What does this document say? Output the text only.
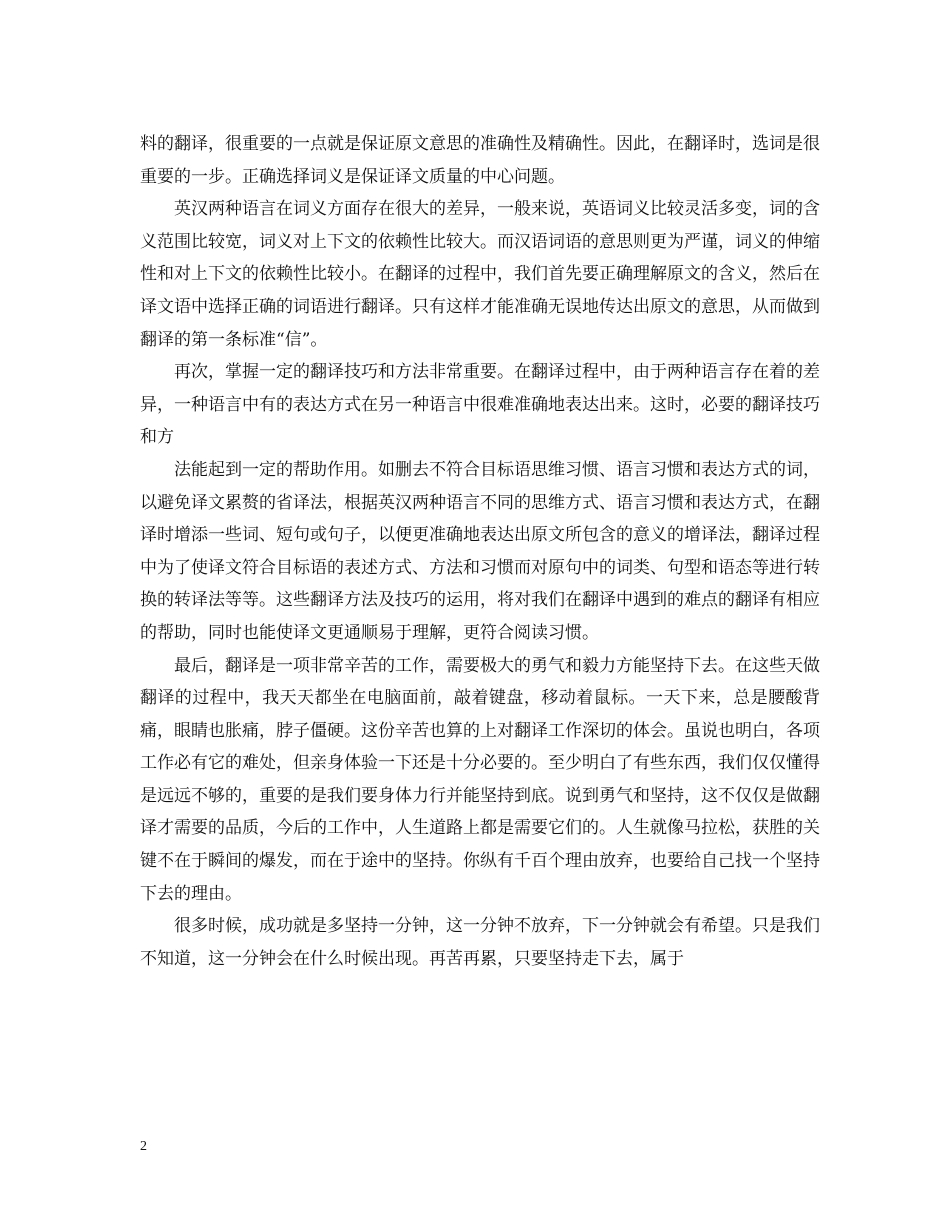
料的翻译，很重要的一点就是保证原文意思的准确性及精确性。因此，在翻译时，选词是很重要的一步。正确选择词义是保证译文质量的中心问题。

英汉两种语言在词义方面存在很大的差异，一般来说，英语词义比较灵活多变，词的含义范围比较宽，词义对上下文的依赖性比较大。而汉语词语的意思则更为严谨，词义的伸缩性和对上下文的依赖性比较小。在翻译的过程中，我们首先要正确理解原文的含义，然后在译文语中选择正确的词语进行翻译。只有这样才能准确无误地传达出原文的意思，从而做到翻译的第一条标准“信”。

再次，掌握一定的翻译技巧和方法非常重要。在翻译过程中，由于两种语言存在着的差异，一种语言中有的表达方式在另一种语言中很难准确地表达出来。这时，必要的翻译技巧和方

法能起到一定的帮助作用。如删去不符合目标语思维习惯、语言习惯和表达方式的词，以避免译文累赘的省译法，根据英汉两种语言不同的思维方式、语言习惯和表达方式，在翻译时增添一些词、短句或句子，以便更准确地表达出原文所包含的意义的增译法，翻译过程中为了使译文符合目标语的表述方式、方法和习惯而对原句中的词类、句型和语态等进行转换的转译法等等。这些翻译方法及技巧的运用，将对我们在翻译中遇到的难点的翻译有相应的帮助，同时也能使译文更通顺易于理解，更符合阅读习惯。

最后，翻译是一项非常辛苦的工作，需要极大的勇气和毅力方能坚持下去。在这些天做翻译的过程中，我天天都坐在电脑面前，敲着键盘，移动着鼠标。一天下来，总是腰酸背痛，眼睛也胀痛，脖子僵硬。这份辛苦也算的上对翻译工作深切的体会。虽说也明白，各项工作必有它的难处，但亲身体验一下还是十分必要的。至少明白了有些东西，我们仅仅懂得是远远不够的，重要的是我们要身体力行并能坚持到底。说到勇气和坚持，这不仅仅是做翻译才需要的品质，今后的工作中，人生道路上都是需要它们的。人生就像马拉松，获胜的关键不在于瞬间的爆发，而在于途中的坚持。你纵有千百个理由放弃，也要给自己找一个坚持下去的理由。

很多时候，成功就是多坚持一分钟，这一分钟不放弃，下一分钟就会有希望。只是我们不知道，这一分钟会在什么时候出现。再苦再累，只要坚持走下去，属于

2
